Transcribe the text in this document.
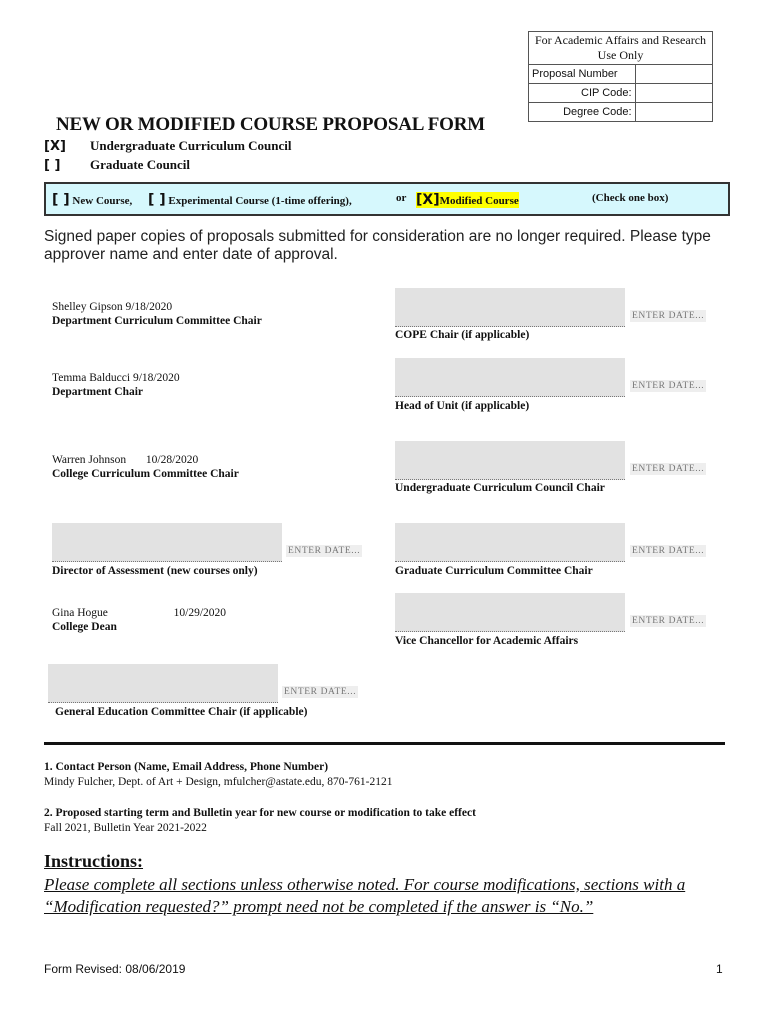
For Academic Affairs and Research Use Only	
Proposal Number	
CIP Code:	
Degree Code:	
NEW OR MODIFIED COURSE PROPOSAL FORM
[X] Undergraduate Curriculum Council
[ ] Graduate Council
[ ] New Course, [ ] Experimental Course (1-time offering),	or [X]Modified Course	(Check one box)
Signed paper copies of proposals submitted for consideration are no longer required. Please type approver name and enter date of approval.
Shelley Gipson 9/18/2020
Department Curriculum Committee Chair
Temma Balducci 9/18/2020
Department Chair
Warren Johnson 10/28/2020
College Curriculum Committee Chair
ENTER DATE...
Director of Assessment (new courses only)
Gina Hogue	10/29/2020
College Dean
ENTER DATE...
General Education Committee Chair (if applicable)
ENTER DATE...
COPE Chair (if applicable)
ENTER DATE...
Head of Unit (if applicable)
ENTER DATE...
Undergraduate Curriculum Council Chair
ENTER DATE...
Graduate Curriculum Committee Chair
ENTER DATE...
Vice Chancellor for Academic Affairs
1. Contact Person (Name, Email Address, Phone Number)
Mindy Fulcher, Dept. of Art + Design, mfulcher@astate.edu, 870-761-2121
2. Proposed starting term and Bulletin year for new course or modification to take effect
Fall 2021, Bulletin Year 2021-2022
Instructions:
Please complete all sections unless otherwise noted. For course modifications, sections with a “Modification requested?” prompt need not be completed if the answer is “No.”
Form Revised: 08/06/2019	1
